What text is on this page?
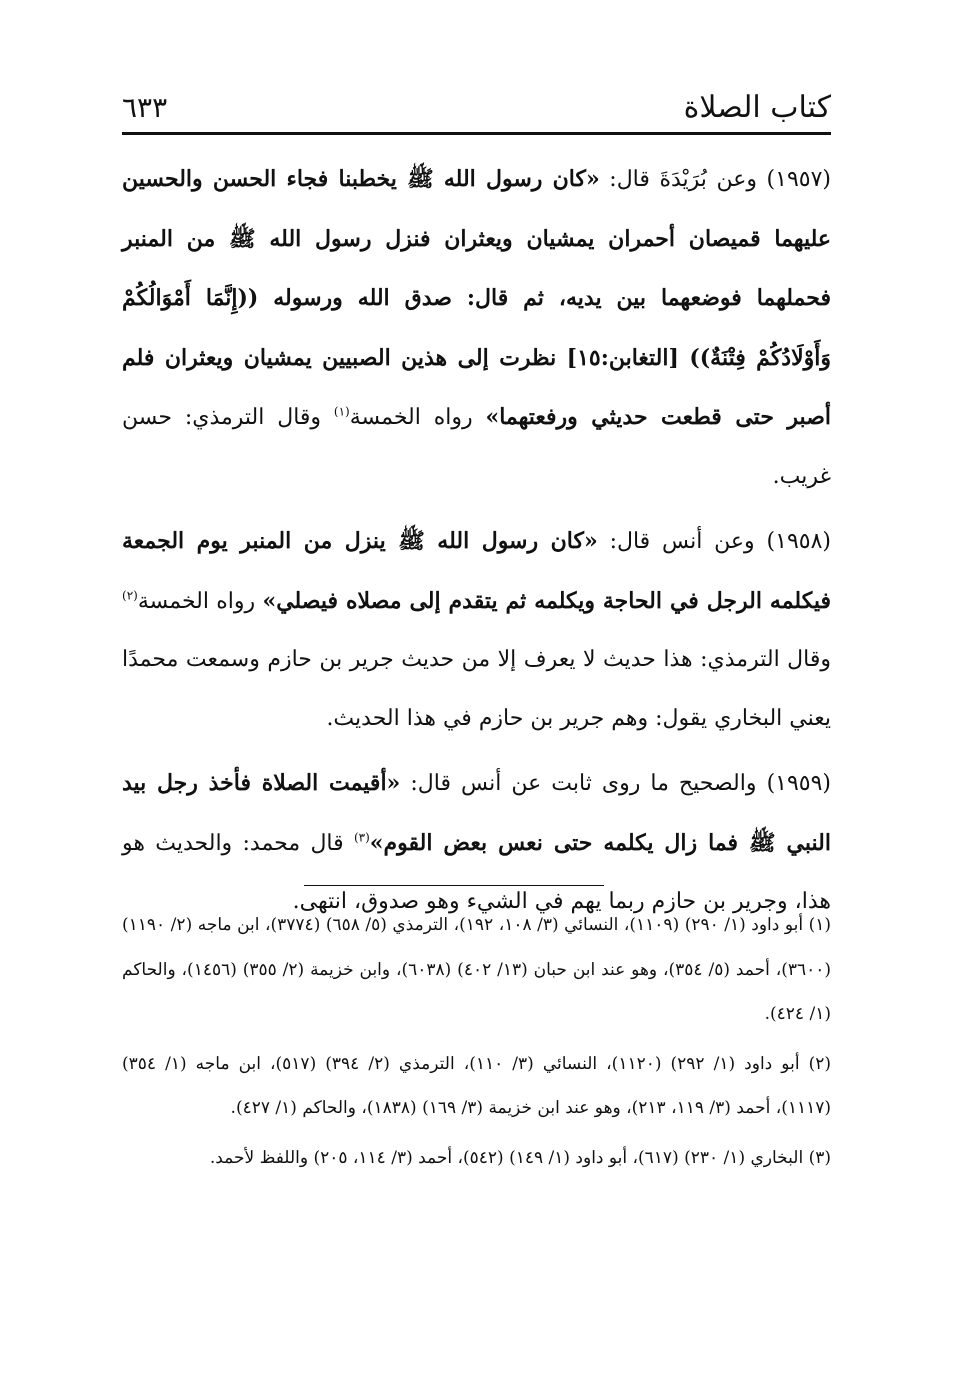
كتاب الصلاة
٦٣٣

(١٩٥٧) وعن بُرَيْدَةَ قال: «كان رسول الله ﷺ يخطبنا فجاء الحسن والحسين عليهما قميصان أحمران يمشيان ويعثران فنزل رسول الله ﷺ من المنبر فحملهما فوضعهما بين يديه، ثم قال: صدق الله ورسوله ((إِنَّمَا أَمْوَالُكُمْ وَأَوْلَادُكُمْ فِتْنَةٌ)) [التغابن:١٥] نظرت إلى هذين الصبيين يمشيان ويعثران فلم أصبر حتى قطعت حديثي ورفعتهما» رواه الخمسة$^{(١)}$ وقال الترمذي: حسن غريب.

(١٩٥٨) وعن أنس قال: «كان رسول الله ﷺ ينزل من المنبر يوم الجمعة فيكلمه الرجل في الحاجة ويكلمه ثم يتقدم إلى مصلاه فيصلي» رواه الخمسة$^{(٢)}$ وقال الترمذي: هذا حديث لا يعرف إلا من حديث جرير بن حازم وسمعت محمدًا يعني البخاري يقول: وهم جرير بن حازم في هذا الحديث.

(١٩٥٩) والصحيح ما روى ثابت عن أنس قال: «أقيمت الصلاة فأخذ رجل بيد النبي ﷺ فما زال يكلمه حتى نعس بعض القوم»$^{(٣)}$ قال محمد: والحديث هو هذا، وجرير بن حازم ربما يهم في الشيء وهو صدوق، انتهى.

(١) أبو داود (١/ ٢٩٠) (١١٠٩)، النسائي (٣/ ١٠٨، ١٩٢)، الترمذي (٥/ ٦٥٨) (٣٧٧٤)، ابن ماجه (٢/ ١١٩٠) (٣٦٠٠)، أحمد (٥/ ٣٥٤)، وهو عند ابن حبان (١٣/ ٤٠٢) (٦٠٣٨)، وابن خزيمة (٢/ ٣٥٥) (١٤٥٦)، والحاكم (١/ ٤٢٤).

(٢) أبو داود (١/ ٢٩٢) (١١٢٠)، النسائي (٣/ ١١٠)، الترمذي (٢/ ٣٩٤) (٥١٧)، ابن ماجه (١/ ٣٥٤) (١١١٧)، أحمد (٣/ ١١٩، ٢١٣)، وهو عند ابن خزيمة (٣/ ١٦٩) (١٨٣٨)، والحاكم (١/ ٤٢٧).

(٣) البخاري (١/ ٢٣٠) (٦١٧)، أبو داود (١/ ١٤٩) (٥٤٢)، أحمد (٣/ ١١٤، ٢٠٥) واللفظ لأحمد.
